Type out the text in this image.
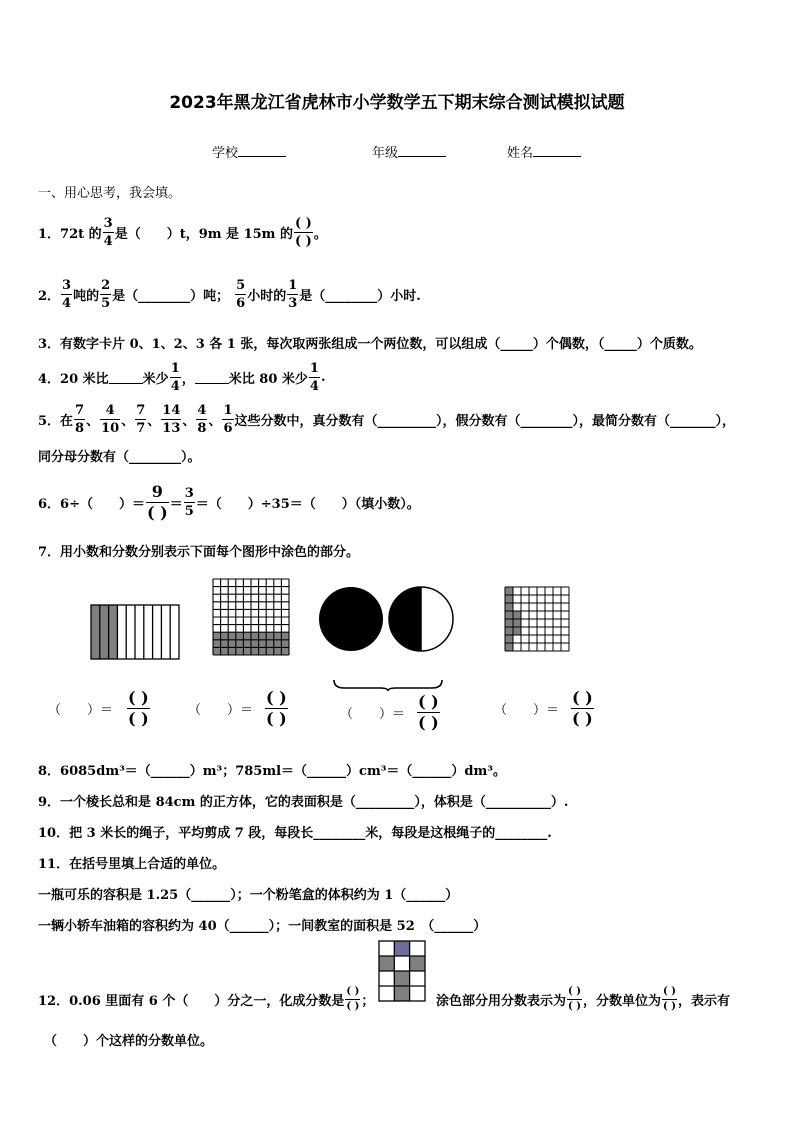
2023年黑龙江省虎林市小学数学五下期末综合测试模拟试题
学校	年级	姓名
一、用心思考，我会填。
1． 72t 的 $\frac{3}{4}$ 是（　　）t，9m 是 15m 的 $\frac{( )}{( )}$ 。
2． $\frac{3}{4}$ 吨的 $\frac{2}{5}$ 是（________）吨； $\frac{5}{6}$ 小时的 $\frac{1}{3}$ 是（________）小时.
3．有数字卡片 0、1、2、3 各 1 张，每次取两张组成一个两位数，可以组成（_____）个偶数，（_____）个质数。
4．20 米比	米少 $\frac{1}{4}$ ，	米比 80 米少 $\frac{1}{4}$ .
5．在 $\frac{7}{8}$ 、 $\frac{4}{10}$ 、 $\frac{7}{7}$ 、 $\frac{14}{13}$ 、 $\frac{4}{8}$ 、 $\frac{1}{6}$ 这些分数中，真分数有（_________），假分数有（________），最简分数有（_______），
同分母分数有（________）。
6．6÷（　　）＝ $\frac{9}{( )} = \frac{3}{5}$ ＝（　　）÷35＝（　　）（填小数）。
7．用小数和分数分别表示下面每个图形中涂色的部分。
（　　）＝ $\frac{( )}{( )}$	（　　）＝ $\frac{( )}{( )}$	（　　）＝ $\frac{( )}{( )}$	（　　）＝ $\frac{( )}{( )}$
8．6085dm³＝（______）m³；785ml＝（______）cm³＝（______）dm³。
9．一个棱长总和是 84cm 的正方体，它的表面积是（_________），体积是（__________）.
10．把 3 米长的绳子，平均剪成 7 段，每段长________米，每段是这根绳子的________.
11．在括号里填上合适的单位。
一瓶可乐的容积是 1.25（______）；一个粉笔盒的体积约为 1（______）
一辆小轿车油箱的容积约为 40（______）；一间教室的面积是 52　（______）
12．0.06 里面有 6 个（　　）分之一，化成分数是 $\frac{( )}{( )}$ ；	涂色部分用分数表示为 $\frac{( )}{( )}$ ，分数单位为 $\frac{( )}{( )}$ ，表示有
（　　）个这样的分数单位。
